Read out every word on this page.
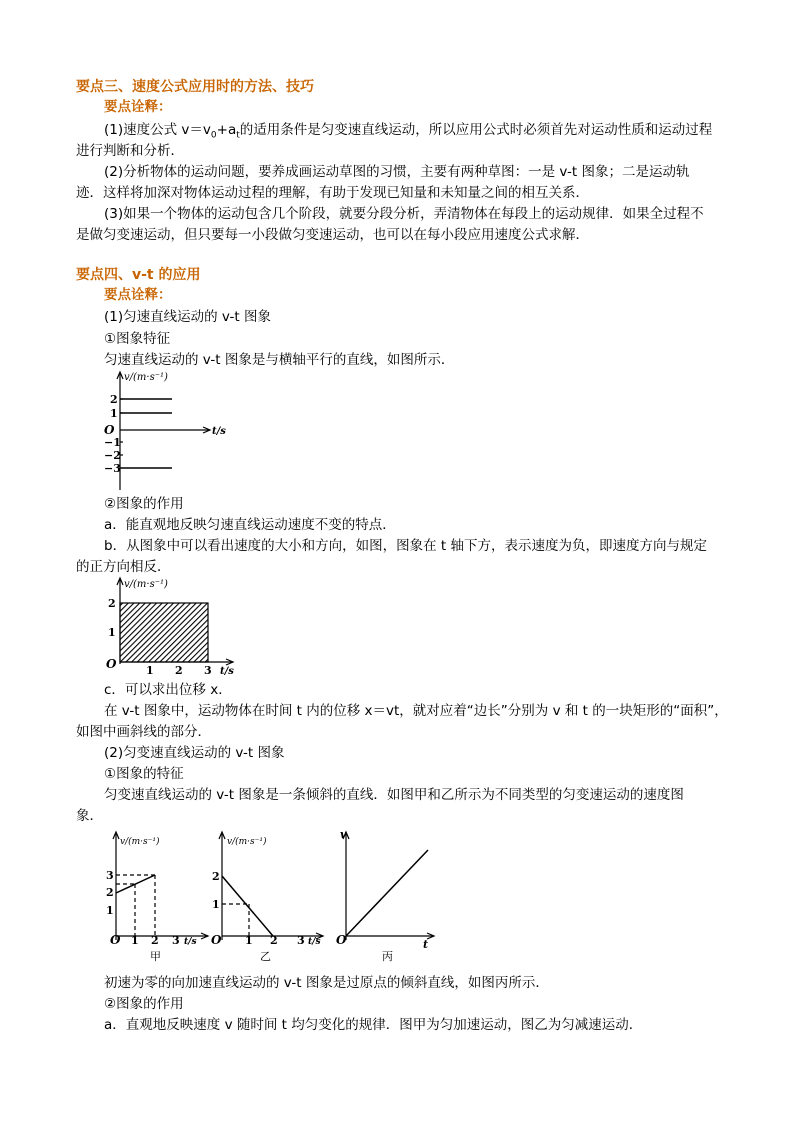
要点三、速度公式应用时的方法、技巧
要点诠释：
(1)速度公式 $v=v_0+a_t$的适用条件是匀变速直线运动，所以应用公式时必须首先对运动性质和运动过程
进行判断和分析．
(2)分析物体的运动问题，要养成画运动草图的习惯，主要有两种草图：一是 v-t 图象；二是运动轨
迹．这样将加深对物体运动过程的理解，有助于发现已知量和未知量之间的相互关系．
(3)如果一个物体的运动包含几个阶段，就要分段分析，弄清物体在每段上的运动规律．如果全过程不
是做匀变速运动，但只要每一小段做匀变速运动，也可以在每小段应用速度公式求解．
要点四、v-t 的应用
要点诠释：
(1)匀速直线运动的 v-t 图象
①图象特征
匀速直线运动的 v-t 图象是与横轴平行的直线，如图所示．
v/(m·s⁻¹)
t/s
O
2
1
−1
−2
−3
②图象的作用
a．能直观地反映匀速直线运动速度不变的特点．
b．从图象中可以看出速度的大小和方向，如图，图象在 t 轴下方，表示速度为负，即速度方向与规定
的正方向相反．
v/(m·s⁻¹)
2
1
O	1 2 3 t/s
c．可以求出位移 x．
在 v-t 图象中，运动物体在时间 t 内的位移 x＝vt，就对应着“边长”分别为 v 和 t 的一块矩形的“面积”，
如图中画斜线的部分．
(2)匀变速直线运动的 v-t 图象
①图象的特征
匀变速直线运动的 v-t 图象是一条倾斜的直线．如图甲和乙所示为不同类型的匀变速运动的速度图
象．
v/(m·s⁻¹)
3
2
1
O 1 2 3 t/s
甲
v/(m·s⁻¹)
2
1
O 1 2 3 t/s
乙
v
O	t
丙
初速为零的向加速直线运动的 v-t 图象是过原点的倾斜直线，如图丙所示．
②图象的作用
a．直观地反映速度 v 随时间 t 均匀变化的规律．图甲为匀加速运动，图乙为匀减速运动．
